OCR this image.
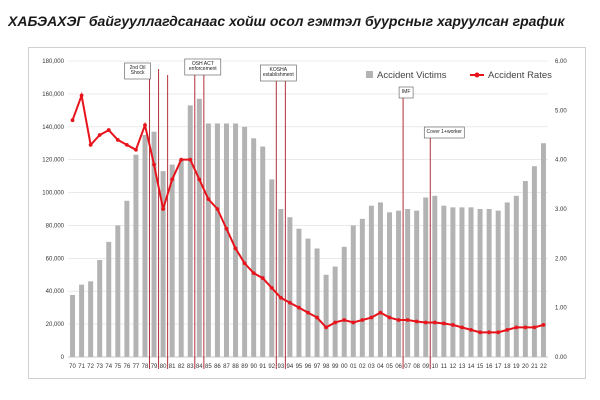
ХАБЭАХЭГ байгууллагдсанаас хойш осол гэмтэл буурсныг харуулсан график
0
20,000
40,000
60,000
80,000
100,000
120,000
140,000
160,000
180,000
0.00
1.00
2.00
3.00
4.00
5.00
6.00
70 71 72 73 74 75 76 77 78 79 80 81 82 83 84 85 86 87 88 89 90 91 92 93 94 95 96 97 98 99 00 01 02 03 04 05 06 07 08 09 10 11 12 13 14 15 16 17 18 19 20 21 22
2nd Oil
Shock
OSH ACT
enforcement	KOSHA
establishment
IMF
Cover 1+worker
Accident Victims	Accident Rates
